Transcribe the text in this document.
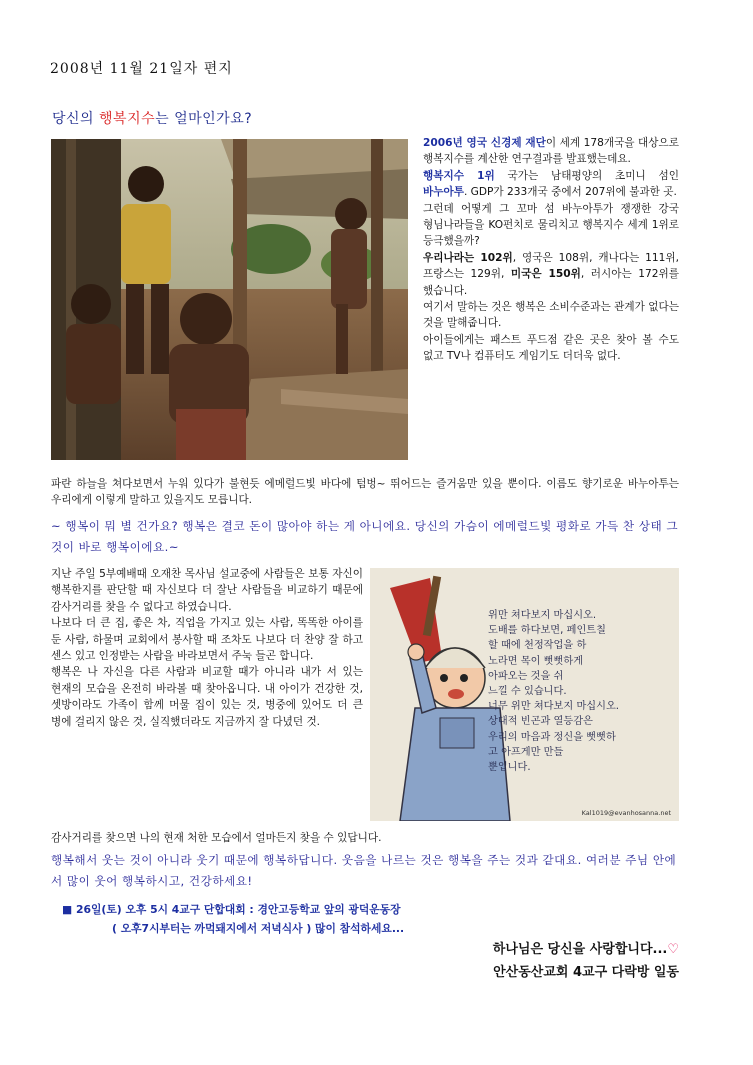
2008년 11월 21일자 편지
당신의 행복지수는 얼마인가요?

2006년 영국 신경제 재단이 세계 178개국을 대상으로 행복지수를 계산한 연구결과를 발표했는데요.

행복지수 1위 국가는 남태평양의 초미니 섬인 바누아투. GDP가 233개국 중에서 207위에 불과한 곳.

그런데 어떻게 그 꼬마 섬 바누아투가 쟁쟁한 강국 형님나라들을 KO펀치로 물리치고 행복지수 세계 1위로 등극했을까?

우리나라는 102위, 영국은 108위, 캐나다는 111위, 프랑스는 129위, 미국은 150위, 러시아는 172위를 했습니다.

여기서 말하는 것은 행복은 소비수준과는 관계가 없다는 것을 말해줍니다.

아이들에게는 패스트 푸드점 같은 곳은 찾아 볼 수도 없고 TV나 컴퓨터도 게임기도 더더욱 없다.

파란 하늘을 쳐다보면서 누워 있다가 불현듯 에메럴드빛 바다에 텀벙~ 뛰어드는 즐거움만 있을 뿐이다. 이름도 향기로운 바누아투는 우리에게 이렇게 말하고 있을지도 모릅니다.

~ 행복이 뭐 별 건가요? 행복은 결코 돈이 많아야 하는 게 아니에요. 당신의 가슴이 에메럴드빛 평화로 가득 찬 상태 그것이 바로 행복이에요.~

지난 주일 5부예배때 오재찬 목사님 설교중에 사람들은 보통 자신이 행복한지를 판단할 때 자신보다 더 잘난 사람들을 비교하기 때문에 감사거리를 찾을 수 없다고 하였습니다.

나보다 더 큰 집, 좋은 차, 직업을 가지고 있는 사람, 똑똑한 아이를 둔 사람, 하물며 교회에서 봉사할 때 조차도 나보다 더 찬양 잘 하고 센스 있고 인정받는 사람을 바라보면서 주눅 들곤 합니다.

행복은 나 자신을 다른 사람과 비교할 때가 아니라 내가 서 있는 현재의 모습을 온전히 바라볼 때 찾아옵니다. 내 아이가 건강한 것, 셋방이라도 가족이 함께 머물 집이 있는 것, 병중에 있어도 더 큰 병에 걸리지 않은 것, 실직했더라도 지금까지 잘 다녔던 것.

위만 쳐다보지 마십시오.
도배를 하다보면, 페인트칠
할 때에 천정작업을 하
노라면 목이 뻣뻣하게
아파오는 것을 쉬
느낄 수 있습니다.
너무 위만 쳐다보지 마십시오.
상대적 빈곤과 열등감은
우리의 마음과 정신을 뻣뻣하
고 아프게만 만들
뿐입니다.
Kal1019@evanhosanna.net

감사거리를 찾으면 나의 현재 처한 모습에서 얼마든지 찾을 수 있답니다.

행복해서 웃는 것이 아니라 웃기 때문에 행복하답니다. 웃음을 나르는 것은 행복을 주는 것과 같대요. 여러분 주님 안에서 많이 웃어 행복하시고, 건강하세요!

■ 26일(토) 오후 5시 4교구 단합대회 : 경안고등학교 앞의 광덕운동장
( 오후7시부터는 까먹돼지에서 저녁식사 ) 많이 참석하세요...
하나님은 당신을 사랑합니다...♡
안산동산교회 4교구 다락방 일동
